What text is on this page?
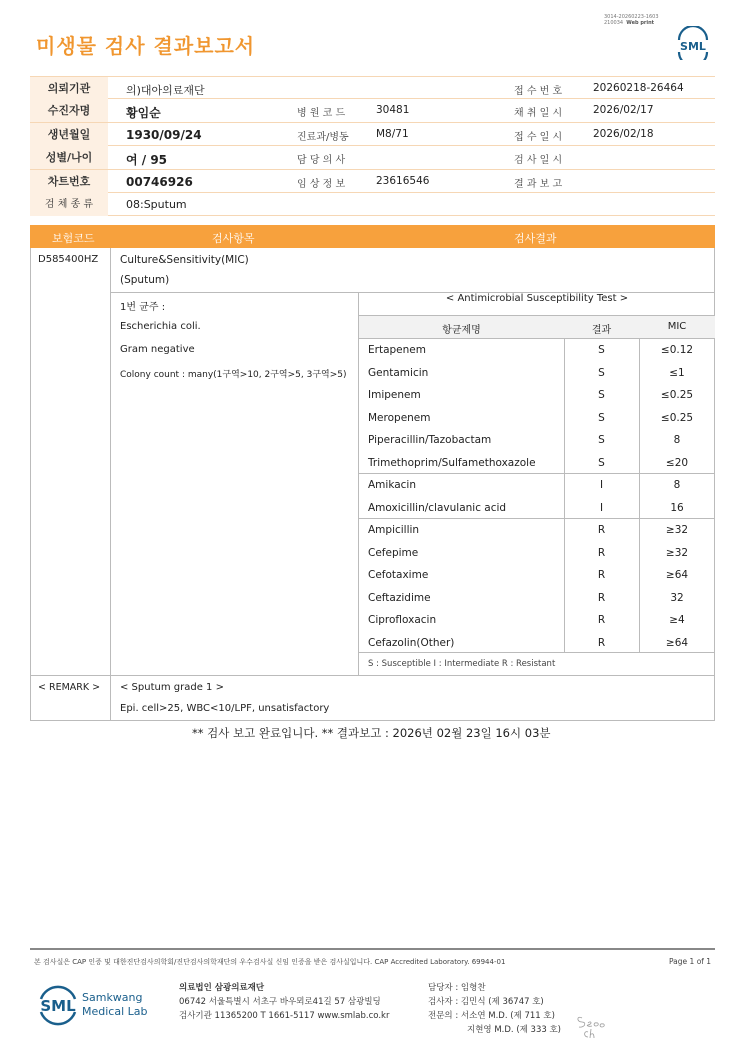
3014-20260223-1603
210034 Web print
미생물 검사 결과보고서	SML
의뢰기관	의)대아의료재단	접 수 번 호	20260218-26464
수진자명	황임순	병 원 코 드	30481	채 취 일 시	2026/02/17
생년월일	1930/09/24	진료과/병동	M8/71	접 수 일 시	2026/02/18
성별/나이	여 / 95	담 당 의 사	검 사 일 시
차트번호	00746926	임 상 정 보	23616546	결 과 보 고
검 체 종 류	08:Sputum
보험코드	검사항목	검사결과
D585400HZ Culture&Sensitivity(MIC)
(Sputum)
1번 균주 :
Escherichia coli.
Gram negative
Colony count : many(1구역>10, 2구역>5, 3구역>5)
< Antimicrobial Susceptibility Test >
항균제명	결과	MIC
Ertapenem	S	≤0.12
Gentamicin	S	≤1
Imipenem	S	≤0.25
Meropenem	S	≤0.25
Piperacillin/Tazobactam	S	8
Trimethoprim/Sulfamethoxazole	S	≤20
Amikacin	I	8
Amoxicillin/clavulanic acid	I	16
Ampicillin	R	≥32
Cefepime	R	≥32
Cefotaxime	R	≥64
Ceftazidime	R	32
Ciprofloxacin	R	≥4
Cefazolin(Other)	R	≥64
S : Susceptible I : Intermediate R : Resistant
< REMARK > < Sputum grade 1 >
Epi. cell>25, WBC<10/LPF, unsatisfactory
** 검사 보고 완료입니다. ** 결과보고 : 2026년 02월 23일 16시 03분
본 검사실은 CAP 인증 및 대한진단검사의학회/진단검사의학재단의 우수검사실 신임 인증을 받은 검사실입니다. CAP Accredited Laboratory. 69944-01	Page 1 of 1
SML Samkwang
Medical Lab
의료법인 삼광의료재단
06742 서울특별시 서초구 바우뫼로41길 57 삼광빌딩
검사기관 11365200 T 1661-5117 www.smlab.co.kr
담당자 : 임형찬
검사자 : 김민식 (제 36747 호)
전문의 : 서소연 M.D. (제 711 호)
지현영 M.D. (제 333 호)
